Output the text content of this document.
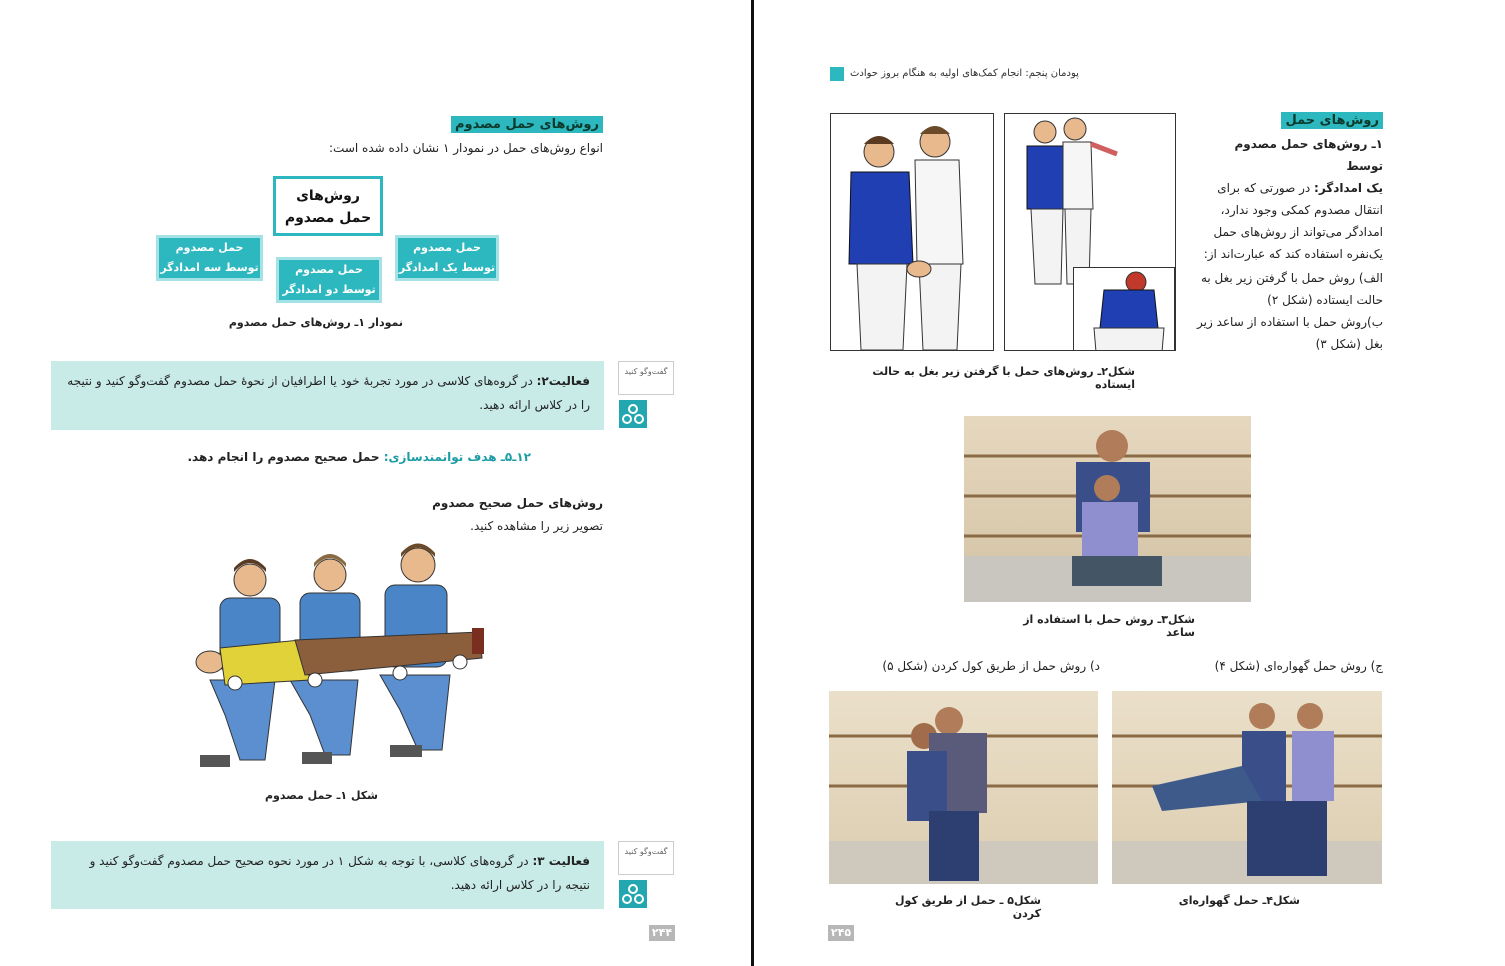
روش‌های حمل مصدوم
انواع روش‌های حمل در نمودار ۱ نشان داده شده است:
روش‌های
حمل مصدوم
حمل مصدوم
توسط یک امدادگر
حمل مصدوم
توسط دو امدادگر
حمل مصدوم
توسط سه امدادگر
نمودار ۱ـ روش‌های حمل مصدوم
فعالیت۲: در گروه‌های کلاسی در مورد تجربهٔ خود یا اطرافیان از نحوهٔ حمل مصدوم گفت‌وگو کنید و نتیجه را در کلاس ارائه دهید.
گفت‌وگو کنید
۱۲ـ۵ـ هدف توانمندسازی: حمل صحیح مصدوم را انجام دهد.
روش‌های حمل صحیح مصدوم
تصویر زیر را مشاهده کنید.
شکل ۱ـ حمل مصدوم
فعالیت ۳: در گروه‌های کلاسی، با توجه به شکل ۱ در مورد نحوه صحیح حمل مصدوم گفت‌وگو کنید و نتیجه را در کلاس ارائه دهید.
گفت‌وگو کنید
۲۴۴
پودمان پنجم: انجام کمک‌های اولیه به هنگام بروز حوادث
روش‌های حمل
۱ـ روش‌های حمل مصدوم توسط
یک امدادگر: در صورتی که برای انتقال مصدوم کمکی وجود ندارد، امدادگر می‌تواند از روش‌های حمل یک‌نفره استفاده کند که عبارت‌اند از:
الف) روش حمل با گرفتن زیر بغل به حالت ایستاده (شکل ۲)
ب)روش حمل با استفاده از ساعد زیر بغل (شکل ۳)
شکل۲ـ روش‌های حمل با گرفتن زیر بغل به حالت ایستاده
شکل۳ـ روش حمل با استفاده از ساعد
ج) روش حمل گهواره‌ای (شکل ۴)
د) روش حمل از طریق کول کردن (شکل ۵)
شکل۵ ـ حمل از طریق کول کردن
شکل۴ـ حمل گهواره‌ای
۲۴۵
